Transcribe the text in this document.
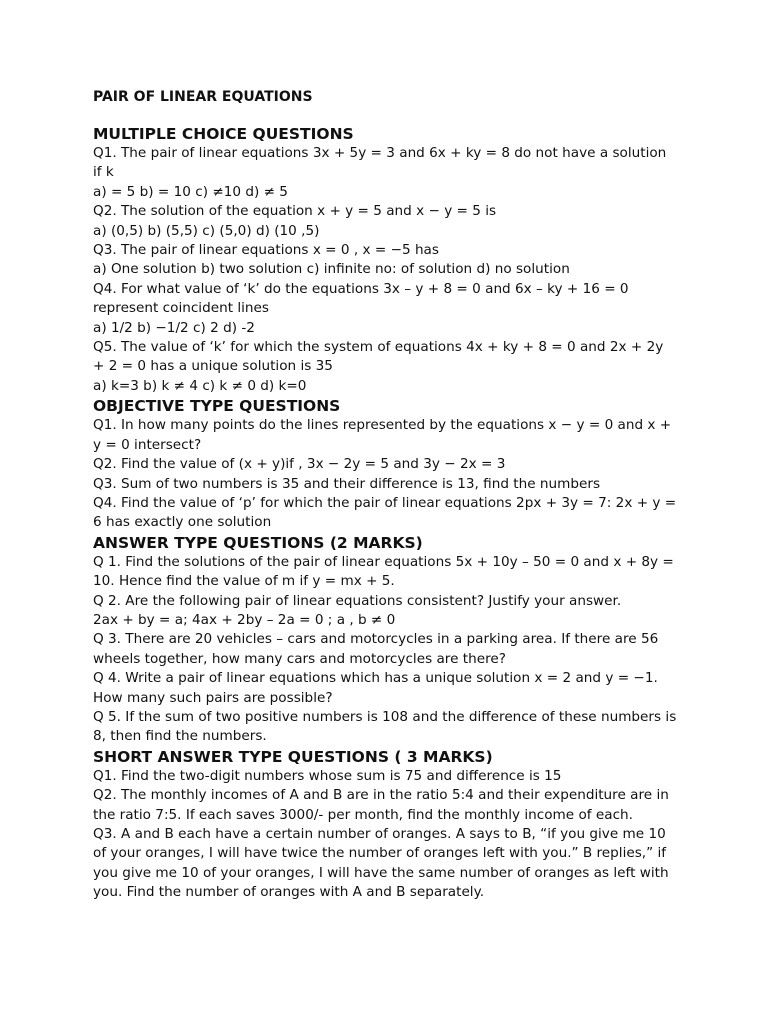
PAIR OF LINEAR EQUATIONS
MULTIPLE CHOICE QUESTIONS
Q1. The pair of linear equations 3x + 5y = 3 and 6x + ky = 8 do not have a solution if k
a) = 5 b) = 10 c) ≠10 d) ≠ 5
Q2. The solution of the equation x + y = 5 and x − y = 5 is
a) (0,5) b) (5,5) c) (5,0) d) (10 ,5)
Q3. The pair of linear equations x = 0 , x = −5 has
a) One solution b) two solution c) infinite no: of solution d) no solution
Q4. For what value of ‘k’ do the equations 3x – y + 8 = 0 and 6x – ky + 16 = 0 represent coincident lines
a) 1/2 b) −1/2 c) 2 d) -2
Q5. The value of ‘k’ for which the system of equations 4x + ky + 8 = 0 and 2x + 2y + 2 = 0 has a unique solution is 35
a) k=3 b) k ≠ 4 c) k ≠ 0 d) k=0
OBJECTIVE TYPE QUESTIONS
Q1. In how many points do the lines represented by the equations x − y = 0 and x + y = 0 intersect?
Q2. Find the value of (x + y)if , 3x − 2y = 5 and 3y − 2x = 3
Q3. Sum of two numbers is 35 and their difference is 13, find the numbers
Q4. Find the value of ‘p’ for which the pair of linear equations 2px + 3y = 7: 2x + y = 6 has exactly one solution
ANSWER TYPE QUESTIONS (2 MARKS)
Q 1. Find the solutions of the pair of linear equations 5x + 10y – 50 = 0 and x + 8y = 10. Hence find the value of m if y = mx + 5.
Q 2. Are the following pair of linear equations consistent? Justify your answer.
2ax + by = a; 4ax + 2by – 2a = 0 ; a , b ≠ 0
Q 3. There are 20 vehicles – cars and motorcycles in a parking area. If there are 56 wheels together, how many cars and motorcycles are there?
Q 4. Write a pair of linear equations which has a unique solution x = 2 and y = −1. How many such pairs are possible?
Q 5. If the sum of two positive numbers is 108 and the difference of these numbers is 8, then find the numbers.
SHORT ANSWER TYPE QUESTIONS ( 3 MARKS)
Q1. Find the two-digit numbers whose sum is 75 and difference is 15
Q2. The monthly incomes of A and B are in the ratio 5:4 and their expenditure are in the ratio 7:5. If each saves 3000/- per month, find the monthly income of each.
Q3. A and B each have a certain number of oranges. A says to B, “if you give me 10 of your oranges, I will have twice the number of oranges left with you.” B replies,” if you give me 10 of your oranges, I will have the same number of oranges as left with you. Find the number of oranges with A and B separately.
